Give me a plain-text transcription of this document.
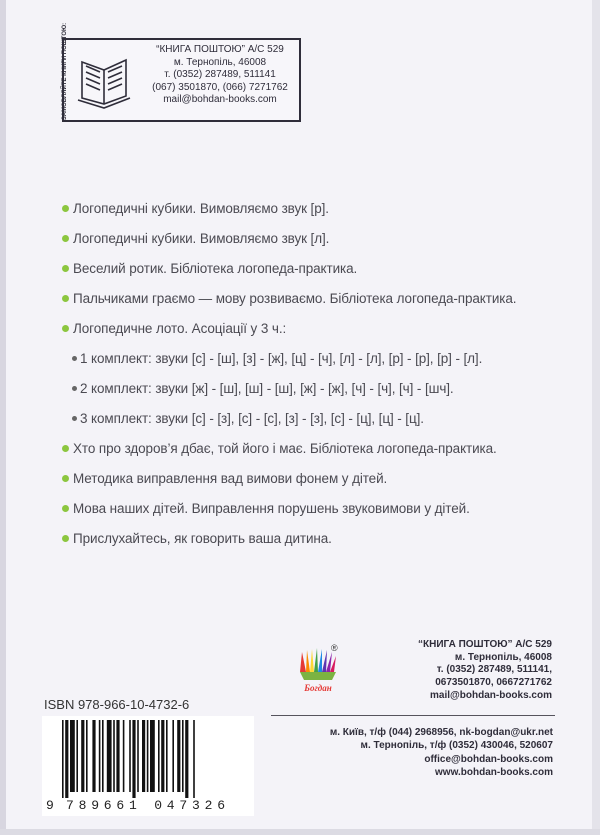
ЗАМОВЛЯЙТЕ КНИГИ ПОШТОЮ:	“КНИГА ПОШТОЮ” А/С 529
м. Тернопіль, 46008
т. (0352) 287489, 511141
(067) 3501870, (066) 7271762
mail@bohdan-books.com
Логопедичні кубики. Вимовляємо звук [р].
Логопедичні кубики. Вимовляємо звук [л].
Веселий ротик. Бібліотека логопеда-практика.
Пальчиками граємо — мову розвиваємо. Бібліотека логопеда-практика.
Логопедичне лото. Асоціації у 3 ч.:
1 комплект: звуки [с] - [ш], [з] - [ж], [ц] - [ч], [л] - [л], [р] - [р], [р] - [л].
2 комплект: звуки [ж] - [ш], [ш] - [ш], [ж] - [ж], [ч] - [ч], [ч] - [шч].
3 комплект: звуки [с] - [з], [с] - [с], [з] - [з], [с] - [ц], [ц] - [ц].
Хто про здоров’я дбає, той його і має. Бібліотека логопеда-практика.
Методика виправлення вад вимови фонем у дітей.
Мова наших дітей. Виправлення порушень звуковимови у дітей.
Прислухайтесь, як говорить ваша дитина.
Богдан
®	“КНИГА ПОШТОЮ” А/С 529
м. Тернопіль, 46008
т. (0352) 287489, 511141,
0673501870, 0667271762
mail@bohdan-books.com
м. Київ, т/ф (044) 2968956, nk-bogdan@ukr.net
м. Тернопіль, т/ф (0352) 430046, 520607
office@bohdan-books.com
www.bohdan-books.com
ISBN 978-966-10-4732-6
9 789661 047326
